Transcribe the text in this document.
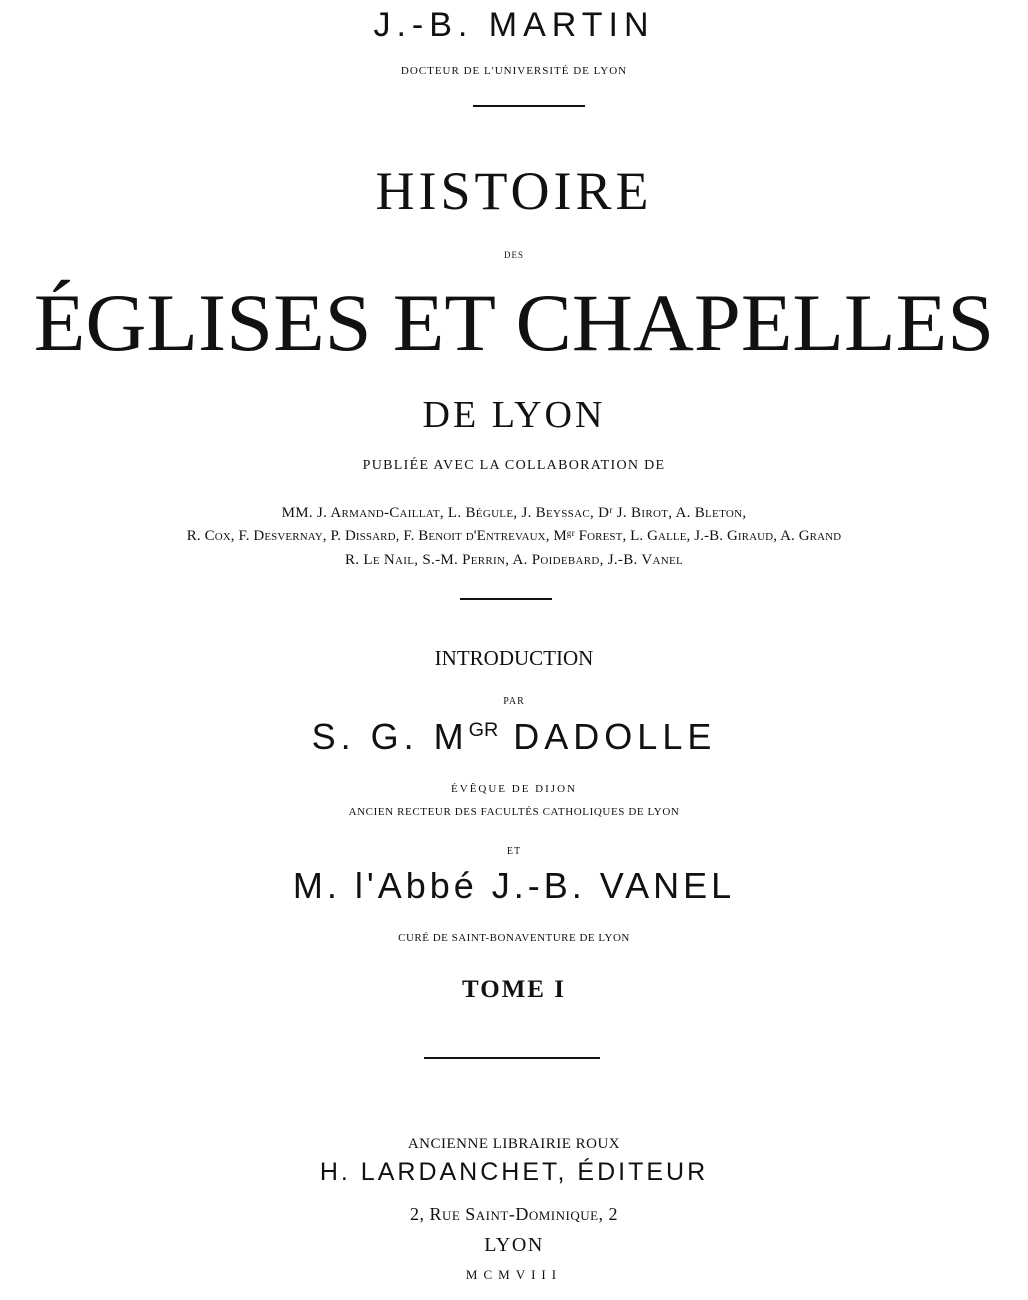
J.-B. MARTIN
DOCTEUR DE L'UNIVERSITÉ DE LYON
HISTOIRE
DES
ÉGLISES ET CHAPELLES
DE LYON
PUBLIÉE AVEC LA COLLABORATION DE
MM. J. Armand-Caillat, L. Bégule, J. Beyssac, Dʳ J. Birot, A. Bleton,
R. Cox, F. Desvernay, P. Dissard, F. Benoit d'Entrevaux, Mᵍʳ Forest, L. Galle, J.-B. Giraud, A. Grand
R. Le Nail, S.-M. Perrin, A. Poidebard, J.-B. Vanel
INTRODUCTION
PAR
S. G. $M^{GR}$ DADOLLE
ÉVÊQUE DE DIJON
ANCIEN RECTEUR DES FACULTÉS CATHOLIQUES DE LYON
ET
M. l'Abbé J.-B. VANEL
CURÉ DE SAINT-BONAVENTURE DE LYON
TOME I
ANCIENNE LIBRAIRIE ROUX
H. LARDANCHET, ÉDITEUR
2, Rue Saint-Dominique, 2
LYON
MCMVIII
